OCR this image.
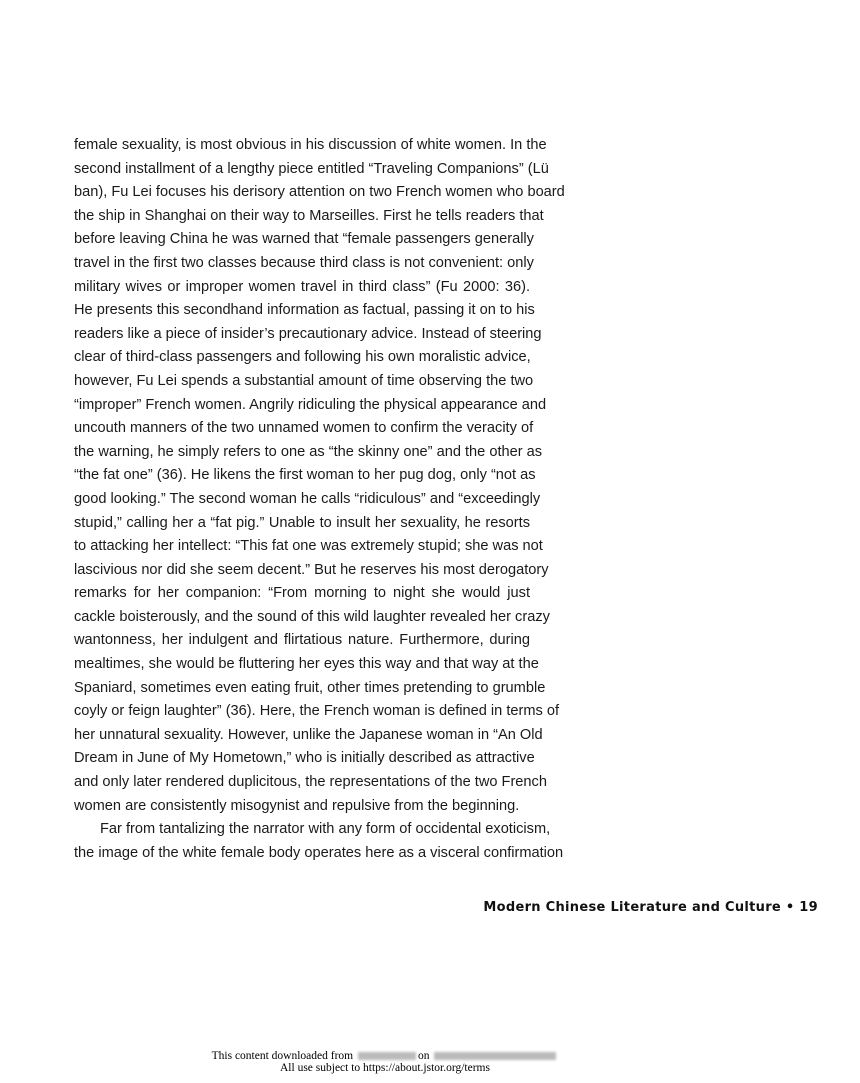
female sexuality, is most obvious in his discussion of white women. In the
second installment of a lengthy piece entitled “Traveling Companions” (Lü
ban), Fu Lei focuses his derisory attention on two French women who board
the ship in Shanghai on their way to Marseilles. First he tells readers that
before leaving China he was warned that “female passengers generally
travel in the first two classes because third class is not convenient: only
military wives or improper women travel in third class” (Fu 2000: 36).
He presents this secondhand information as factual, passing it on to his
readers like a piece of insider’s precautionary advice. Instead of steering
clear of third-class passengers and following his own moralistic advice,
however, Fu Lei spends a substantial amount of time observing the two
“improper” French women. Angrily ridiculing the physical appearance and
uncouth manners of the two unnamed women to confirm the veracity of
the warning, he simply refers to one as “the skinny one” and the other as
“the fat one” (36). He likens the first woman to her pug dog, only “not as
good looking.” The second woman he calls “ridiculous” and “exceedingly
stupid,” calling her a “fat pig.” Unable to insult her sexuality, he resorts
to attacking her intellect: “This fat one was extremely stupid; she was not
lascivious nor did she seem decent.” But he reserves his most derogatory
remarks for her companion: “From morning to night she would just
cackle boisterously, and the sound of this wild laughter revealed her crazy
wantonness, her indulgent and flirtatious nature. Furthermore, during
mealtimes, she would be fluttering her eyes this way and that way at the
Spaniard, sometimes even eating fruit, other times pretending to grumble
coyly or feign laughter” (36). Here, the French woman is defined in terms of
her unnatural sexuality. However, unlike the Japanese woman in “An Old
Dream in June of My Hometown,” who is initially described as attractive
and only later rendered duplicitous, the representations of the two French
women are consistently misogynist and repulsive from the beginning.
Far from tantalizing the narrator with any form of occidental exoticism,
the image of the white female body operates here as a visceral confirmation
Modern Chinese Literature and Culture • 19
This content downloaded from	on
All use subject to https://about.jstor.org/terms
